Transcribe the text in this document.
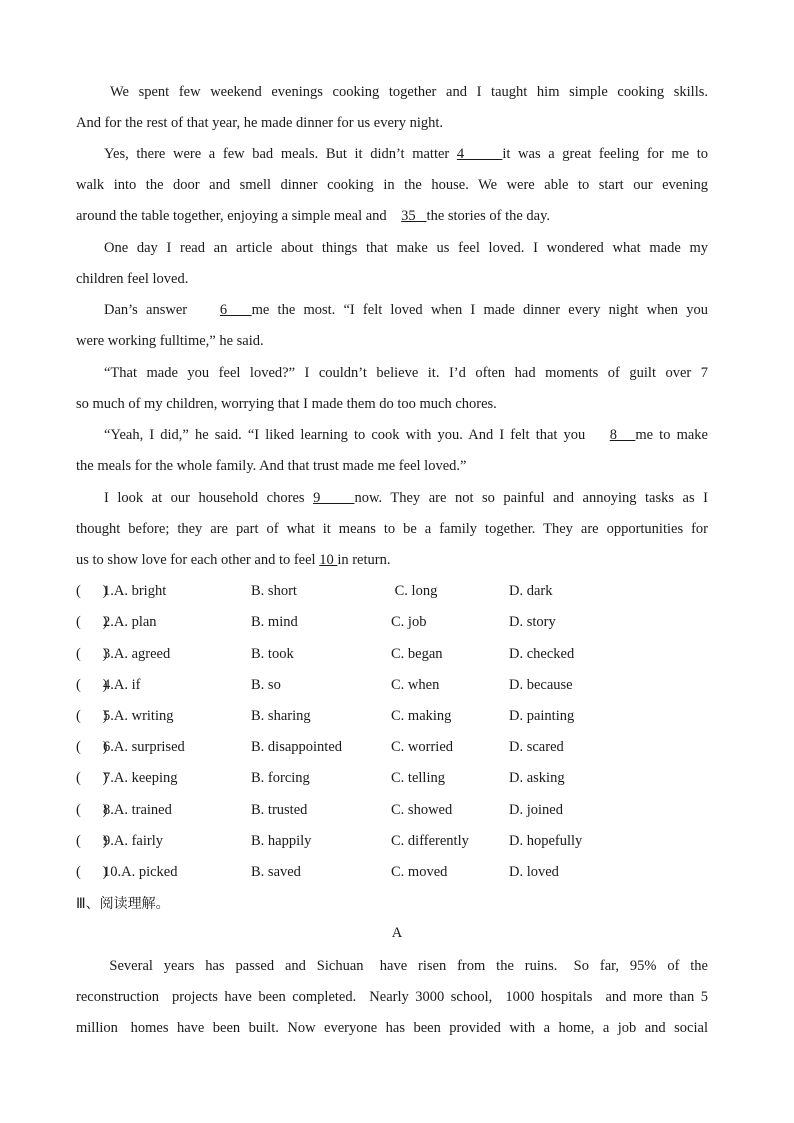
We spent few weekend evenings cooking together and I taught him simple cooking skills.
And for the rest of that year, he made dinner for us every night.
Yes, there were a few bad meals. But it didn’t matter 4     it was a great feeling for me to
walk into the door and smell dinner cooking in the house. We were able to start our evening
around the table together, enjoying a simple meal and    35   the stories of the day.
One day I read an article about things that make us feel loved. I wondered what made my
children feel loved.
Dan’s answer    6   me the most. “I felt loved when I made dinner every night when you
were working fulltime,” he said.
“That made you feel loved?” I couldn’t believe it. I’d often had moments of guilt over 7
so much of my children, worrying that I made them do too much chores.
“Yeah, I did,” he said. “I liked learning to cook with you. And I felt that you    8   me to make
the meals for the whole family. And that trust made me feel loved.”
I look at our household chores 9    now. They are not so painful and annoying tasks as I
thought before; they are part of what it means to be a family together. They are opportunities for
us to show love for each other and to feel 10 in return.
(      )
1.A. bright	B. short	C. long	D. dark
(      )
2.A. plan	B. mind	C. job	D. story
(      )
3.A. agreed	B. took	C. began	D. checked
(      )
4.A. if	B. so	C. when	D. because
(      )
5.A. writing	B. sharing	C. making	D. painting
(      )
6.A. surprised	B. disappointed	C. worried	D. scared
(      )
7.A. keeping	B. forcing	C. telling	D. asking
(      )
8.A. trained	B. trusted	C. showed	D. joined
(      )
9.A. fairly	B. happily	C. differently	D. hopefully
(      )
10.A. picked	B. saved	C. moved	D. loved
Ⅲ、阅读理解。
A
Several  years  has  passed  and  Sichuan   have  risen  from  the  ruins.   So  far,  95%  of  the
reconstruction  projects have been completed.  Nearly 3000 school,  1000 hospitals  and more than 5
million   homes  have  been  built.  Now  everyone  has  been  provided  with  a  home,  a  job  and  social
